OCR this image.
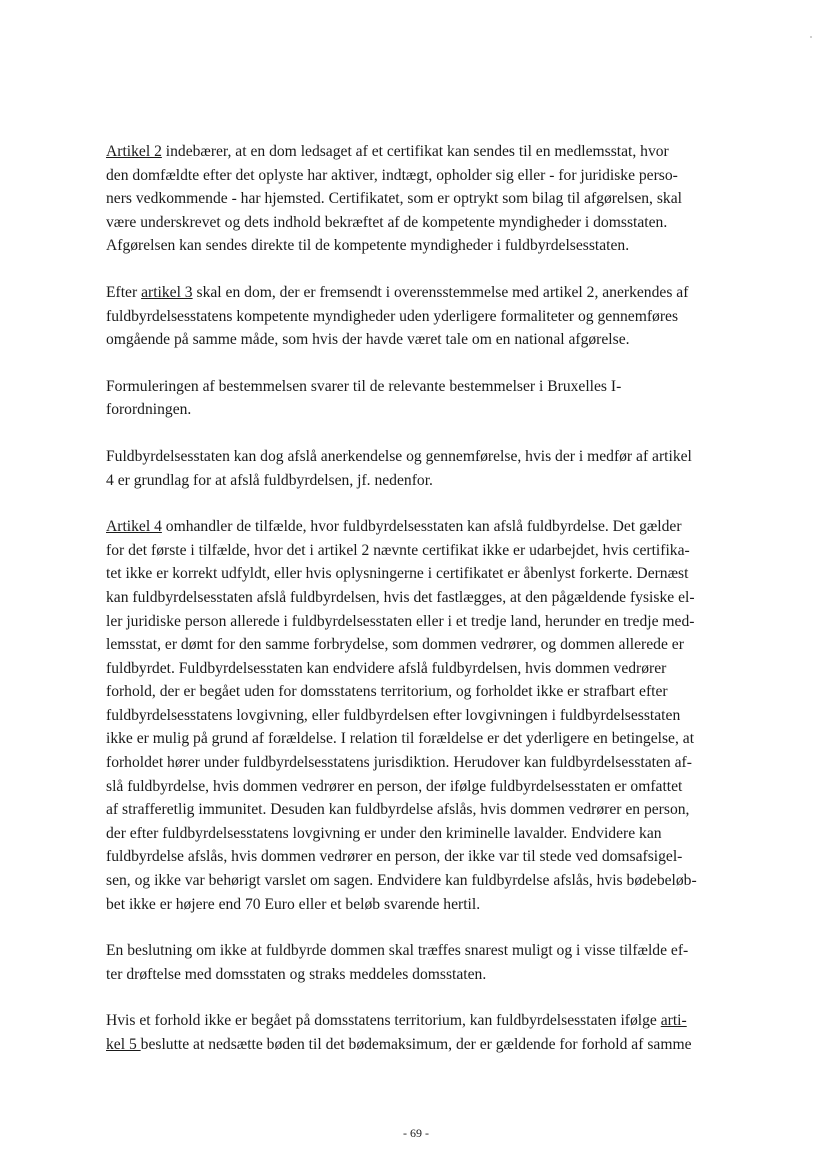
Artikel 2 indebærer, at en dom ledsaget af et certifikat kan sendes til en medlemsstat, hvor
den domfældte efter det oplyste har aktiver, indtægt, opholder sig eller - for juridiske perso-
ners vedkommende - har hjemsted. Certifikatet, som er optrykt som bilag til afgørelsen, skal
være underskrevet og dets indhold bekræftet af de kompetente myndigheder i domsstaten.
Afgørelsen kan sendes direkte til de kompetente myndigheder i fuldbyrdelsesstaten.

Efter artikel 3 skal en dom, der er fremsendt i overensstemmelse med artikel 2, anerkendes af
fuldbyrdelsesstatens kompetente myndigheder uden yderligere formaliteter og gennemføres
omgående på samme måde, som hvis der havde været tale om en national afgørelse.

Formuleringen af bestemmelsen svarer til de relevante bestemmelser i Bruxelles I-
forordningen.

Fuldbyrdelsesstaten kan dog afslå anerkendelse og gennemførelse, hvis der i medfør af artikel
4 er grundlag for at afslå fuldbyrdelsen, jf. nedenfor.

Artikel 4 omhandler de tilfælde, hvor fuldbyrdelsesstaten kan afslå fuldbyrdelse. Det gælder
for det første i tilfælde, hvor det i artikel 2 nævnte certifikat ikke er udarbejdet, hvis certifika-
tet ikke er korrekt udfyldt, eller hvis oplysningerne i certifikatet er åbenlyst forkerte. Dernæst
kan fuldbyrdelsesstaten afslå fuldbyrdelsen, hvis det fastlægges, at den pågældende fysiske el-
ler juridiske person allerede i fuldbyrdelsesstaten eller i et tredje land, herunder en tredje med-
lemsstat, er dømt for den samme forbrydelse, som dommen vedrører, og dommen allerede er
fuldbyrdet. Fuldbyrdelsesstaten kan endvidere afslå fuldbyrdelsen, hvis dommen vedrører
forhold, der er begået uden for domsstatens territorium, og forholdet ikke er strafbart efter
fuldbyrdelsesstatens lovgivning, eller fuldbyrdelsen efter lovgivningen i fuldbyrdelsesstaten
ikke er mulig på grund af forældelse. I relation til forældelse er det yderligere en betingelse, at
forholdet hører under fuldbyrdelsesstatens jurisdiktion. Herudover kan fuldbyrdelsesstaten af-
slå fuldbyrdelse, hvis dommen vedrører en person, der ifølge fuldbyrdelsesstaten er omfattet
af strafferetlig immunitet. Desuden kan fuldbyrdelse afslås, hvis dommen vedrører en person,
der efter fuldbyrdelsesstatens lovgivning er under den kriminelle lavalder. Endvidere kan
fuldbyrdelse afslås, hvis dommen vedrører en person, der ikke var til stede ved domsafsigel-
sen, og ikke var behørigt varslet om sagen. Endvidere kan fuldbyrdelse afslås, hvis bødebeløb-
bet ikke er højere end 70 Euro eller et beløb svarende hertil.

En beslutning om ikke at fuldbyrde dommen skal træffes snarest muligt og i visse tilfælde ef-
ter drøftelse med domsstaten og straks meddeles domsstaten.

Hvis et forhold ikke er begået på domsstatens territorium, kan fuldbyrdelsesstaten ifølge arti-
kel 5 beslutte at nedsætte bøden til det bødemaksimum, der er gældende for forhold af samme

- 69 -
